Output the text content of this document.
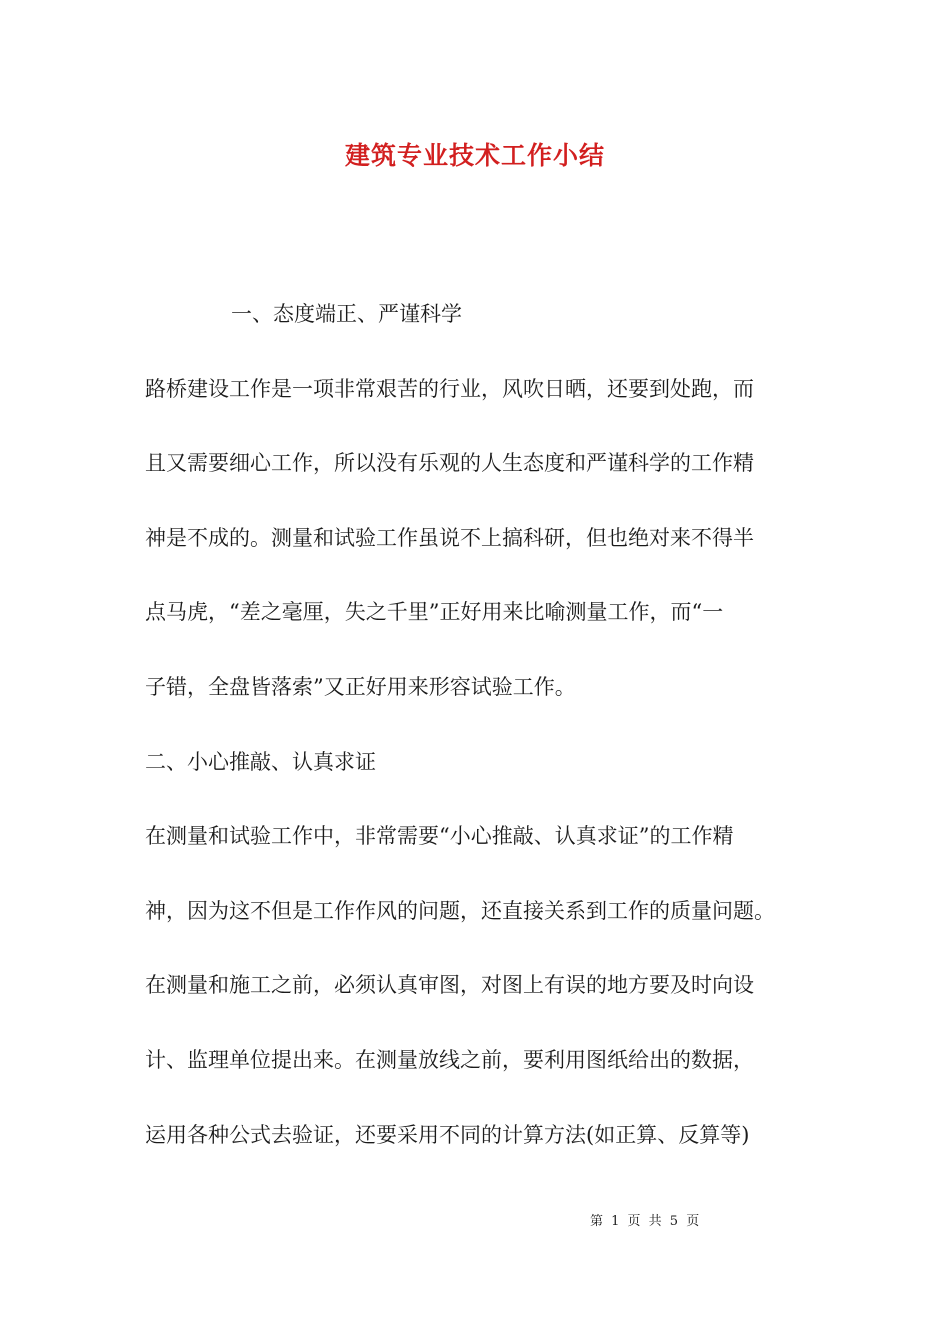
建筑专业技术工作小结
一、态度端正、严谨科学
路桥建设工作是一项非常艰苦的行业，风吹日晒，还要到处跑，而
且又需要细心工作，所以没有乐观的人生态度和严谨科学的工作精
神是不成的。测量和试验工作虽说不上搞科研，但也绝对来不得半
点马虎，“差之毫厘，失之千里”正好用来比喻测量工作，而“一
子错，全盘皆落索”又正好用来形容试验工作。
二、小心推敲、认真求证
在测量和试验工作中，非常需要“小心推敲、认真求证”的工作精
神，因为这不但是工作作风的问题，还直接关系到工作的质量问题。
在测量和施工之前，必须认真审图，对图上有误的地方要及时向设
计、监理单位提出来。在测量放线之前，要利用图纸给出的数据，
运用各种公式去验证，还要采用不同的计算方法(如正算、反算等)
第 1 页 共 5 页
